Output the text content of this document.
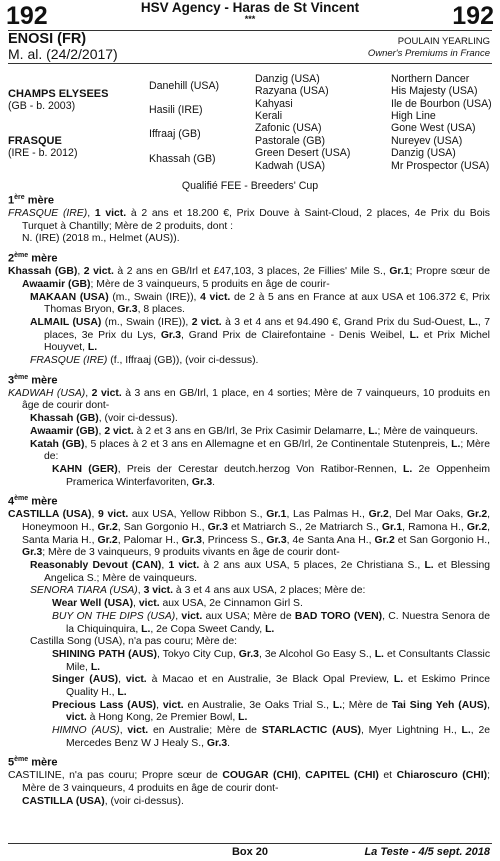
192	192
HSV Agency - Haras de St Vincent
***
ENOSI (FR)
M. al. (24/2/2017)
POULAIN YEARLING
Owner's Premiums in France
CHAMPS ELYSEES
(GB - b. 2003)
FRASQUE
(IRE - b. 2012)
Danehill (USA)
Hasili (IRE)
Iffraaj (GB)
Khassah (GB)
Danzig (USA)
Razyana (USA)
Kahyasi
Kerali
Zafonic (USA)
Pastorale (GB)
Green Desert (USA)
Kadwah (USA)
Northern Dancer
His Majesty (USA)
Ile de Bourbon (USA)
High Line
Gone West (USA)
Nureyev (USA)
Danzig (USA)
Mr Prospector (USA)
Qualifié FEE - Breeders' Cup
1ère mère

FRASQUE (IRE), 1 vict. à 2 ans et 18.200 €, Prix Douve à Saint-Cloud, 2 places, 4e Prix du Bois Turquet à Chantilly; Mère de 2 produits, dont :
N. (IRE) (2018 m., Helmet (AUS)).

2ème mère

Khassah (GB), 2 vict. à 2 ans en GB/Irl et £47,103, 3 places, 2e Fillies' Mile S., Gr.1; Propre sœur de Awaamir (GB); Mère de 3 vainqueurs, 5 produits en âge de courir-

MAKAAN (USA) (m., Swain (IRE)), 4 vict. de 2 à 5 ans en France at aux USA et 106.372 €, Prix Thomas Bryon, Gr.3, 8 places.

ALMAIL (USA) (m., Swain (IRE)), 2 vict. à 3 et 4 ans et 94.490 €, Grand Prix du Sud-Ouest, L., 7 places, 3e Prix du Lys, Gr.3, Grand Prix de Clairefontaine - Denis Weibel, L. et Prix Michel Houyvet, L.

FRASQUE (IRE) (f., Iffraaj (GB)), (voir ci-dessus).

3ème mère

KADWAH (USA), 2 vict. à 3 ans en GB/Irl, 1 place, en 4 sorties; Mère de 7 vainqueurs, 10 produits en âge de courir dont-

Khassah (GB), (voir ci-dessus).

Awaamir (GB), 2 vict. à 2 et 3 ans en GB/Irl, 3e Prix Casimir Delamarre, L.; Mère de vainqueurs.

Katah (GB), 5 places à 2 et 3 ans en Allemagne et en GB/Irl, 2e Continentale Stutenpreis, L.; Mère de:

KAHN (GER), Preis der Cerestar deutch.herzog Von Ratibor-Rennen, L. 2e Oppenheim Pramerica Winterfavoriten, Gr.3.

4ème mère

CASTILLA (USA), 9 vict. aux USA, Yellow Ribbon S., Gr.1, Las Palmas H., Gr.2, Del Mar Oaks, Gr.2, Honeymoon H., Gr.2, San Gorgonio H., Gr.3 et Matriarch S., 2e Matriarch S., Gr.1, Ramona H., Gr.2, Santa Maria H., Gr.2, Palomar H., Gr.3, Princess S., Gr.3, 4e Santa Ana H., Gr.2 et San Gorgonio H., Gr.3; Mère de 3 vainqueurs, 9 produits vivants en âge de courir dont-

Reasonably Devout (CAN), 1 vict. à 2 ans aux USA, 5 places, 2e Christiana S., L. et Blessing Angelica S.; Mère de vainqueurs.

SENORA TIARA (USA), 3 vict. à 3 et 4 ans aux USA, 2 places; Mère de:

Wear Well (USA), vict. aux USA, 2e Cinnamon Girl S.

BUY ON THE DIPS (USA), vict. aux USA; Mère de BAD TORO (VEN), C. Nuestra Senora de la Chiquinquira, L., 2e Copa Sweet Candy, L.

Castilla Song (USA), n'a pas couru; Mère de:

SHINING PATH (AUS), Tokyo City Cup, Gr.3, 3e Alcohol Go Easy S., L. et Consultants Classic Mile, L.

Singer (AUS), vict. à Macao et en Australie, 3e Black Opal Preview, L. et Eskimo Prince Quality H., L.

Precious Lass (AUS), vict. en Australie, 3e Oaks Trial S., L.; Mère de Tai Sing Yeh (AUS), vict. à Hong Kong, 2e Premier Bowl, L.

HIMNO (AUS), vict. en Australie; Mère de STARLACTIC (AUS), Myer Lightning H., L., 2e Mercedes Benz W J Healy S., Gr.3.

5ème mère

CASTILINE, n'a pas couru; Propre sœur de COUGAR (CHI), CAPITEL (CHI) et Chiaroscuro (CHI); Mère de 3 vainqueurs, 4 produits en âge de courir dont-
CASTILLA (USA), (voir ci-dessus).

Box 20	La Teste - 4/5 sept. 2018
